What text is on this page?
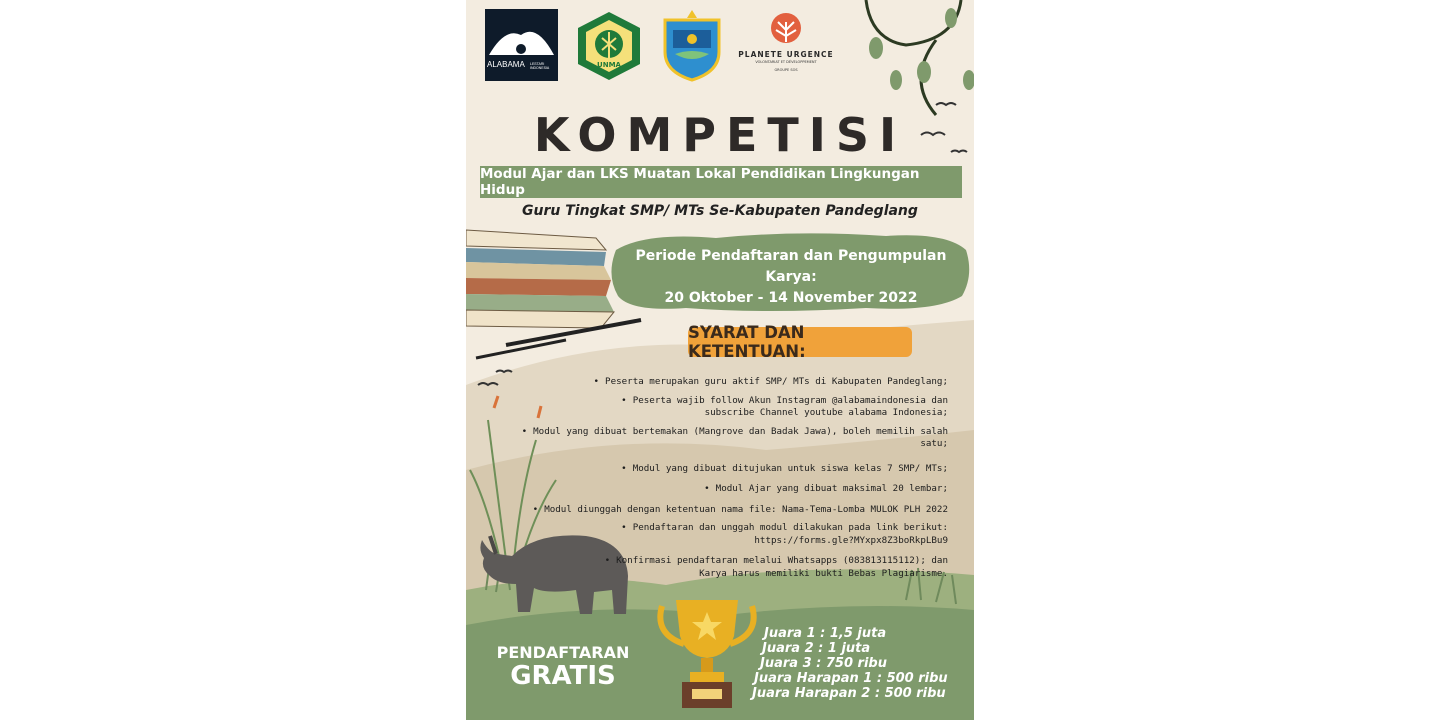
ALABAMA LESTARI INDONESIA	UNMA
PLANETE URGENCE
VOLONTARIAT ET DÉVELOPPEMENT
GROUPE SOS
KOMPETISI
Modul Ajar dan LKS Muatan Lokal Pendidikan Lingkungan Hidup
Guru Tingkat SMP/ MTs Se-Kabupaten Pandeglang
Periode Pendaftaran dan Pengumpulan Karya:
20 Oktober - 14 November 2022
SYARAT DAN KETENTUAN:
• Peserta merupakan guru aktif SMP/ MTs di Kabupaten Pandeglang;
• Peserta wajib follow Akun Instagram @alabamaindonesia dan
subscribe Channel youtube alabama Indonesia;
• Modul yang dibuat bertemakan (Mangrove dan Badak Jawa), boleh memilih salah satu;
• Modul yang dibuat ditujukan untuk siswa kelas 7 SMP/ MTs;
• Modul Ajar yang dibuat maksimal 20 lembar;
• Modul diunggah dengan ketentuan nama file: Nama-Tema-Lomba MULOK PLH 2022
• Pendaftaran dan unggah modul dilakukan pada link berikut:
https://forms.gle?MYxpx8Z3boRkpLBu9
• Konfirmasi pendaftaran melalui Whatsapps (083813115112); dan
Karya harus memiliki bukti Bebas Plagiarisme.
PENDAFTARAN
GRATIS
Juara 1 : 1,5 juta
Juara 2 : 1 juta
Juara 3 : 750 ribu
Juara Harapan 1 : 500 ribu
Juara Harapan 2 : 500 ribu
